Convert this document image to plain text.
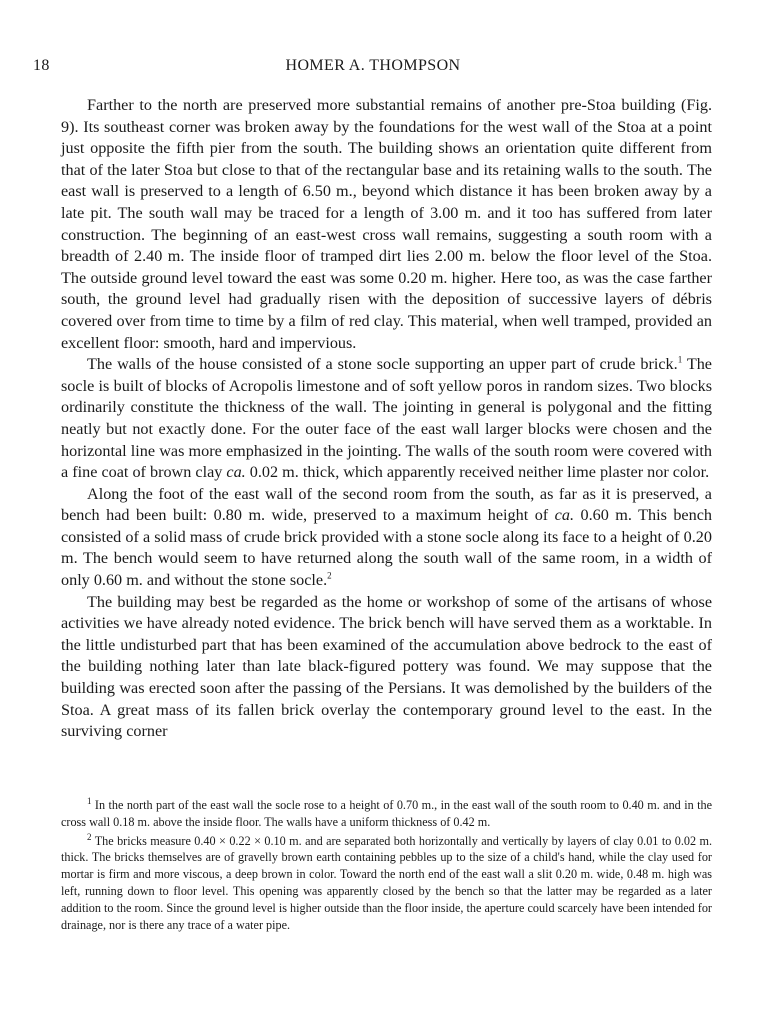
18	HOMER A. THOMPSON

Farther to the north are preserved more substantial remains of another pre-Stoa building (Fig. 9). Its southeast corner was broken away by the foundations for the west wall of the Stoa at a point just opposite the fifth pier from the south. The building shows an orientation quite different from that of the later Stoa but close to that of the rectangular base and its retaining walls to the south. The east wall is preserved to a length of 6.50 m., beyond which distance it has been broken away by a late pit. The south wall may be traced for a length of 3.00 m. and it too has suffered from later construction. The beginning of an east-west cross wall remains, suggesting a south room with a breadth of 2.40 m. The inside floor of tramped dirt lies 2.00 m. below the floor level of the Stoa. The outside ground level toward the east was some 0.20 m. higher. Here too, as was the case farther south, the ground level had gradually risen with the deposition of successive layers of débris covered over from time to time by a film of red clay. This material, when well tramped, provided an excellent floor: smooth, hard and impervious.

The walls of the house consisted of a stone socle supporting an upper part of crude brick.$^1$ The socle is built of blocks of Acropolis limestone and of soft yellow poros in random sizes. Two blocks ordinarily constitute the thickness of the wall. The jointing in general is polygonal and the fitting neatly but not exactly done. For the outer face of the east wall larger blocks were chosen and the horizontal line was more emphasized in the jointing. The walls of the south room were covered with a fine coat of brown clay ca. 0.02 m. thick, which apparently received neither lime plaster nor color.

Along the foot of the east wall of the second room from the south, as far as it is preserved, a bench had been built: 0.80 m. wide, preserved to a maximum height of ca. 0.60 m. This bench consisted of a solid mass of crude brick provided with a stone socle along its face to a height of 0.20 m. The bench would seem to have returned along the south wall of the same room, in a width of only 0.60 m. and without the stone socle.$^2$

The building may best be regarded as the home or workshop of some of the artisans of whose activities we have already noted evidence. The brick bench will have served them as a worktable. In the little undisturbed part that has been examined of the accumulation above bedrock to the east of the building nothing later than late black-figured pottery was found. We may suppose that the building was erected soon after the passing of the Persians. It was demolished by the builders of the Stoa. A great mass of its fallen brick overlay the contemporary ground level to the east. In the surviving corner

$^1$ In the north part of the east wall the socle rose to a height of 0.70 m., in the east wall of the south room to 0.40 m. and in the cross wall 0.18 m. above the inside floor. The walls have a uniform thickness of 0.42 m.

$^2$ The bricks measure 0.40 × 0.22 × 0.10 m. and are separated both horizontally and vertically by layers of clay 0.01 to 0.02 m. thick. The bricks themselves are of gravelly brown earth containing pebbles up to the size of a child's hand, while the clay used for mortar is firm and more viscous, a deep brown in color. Toward the north end of the east wall a slit 0.20 m. wide, 0.48 m. high was left, running down to floor level. This opening was apparently closed by the bench so that the latter may be regarded as a later addition to the room. Since the ground level is higher outside than the floor inside, the aperture could scarcely have been intended for drainage, nor is there any trace of a water pipe.
